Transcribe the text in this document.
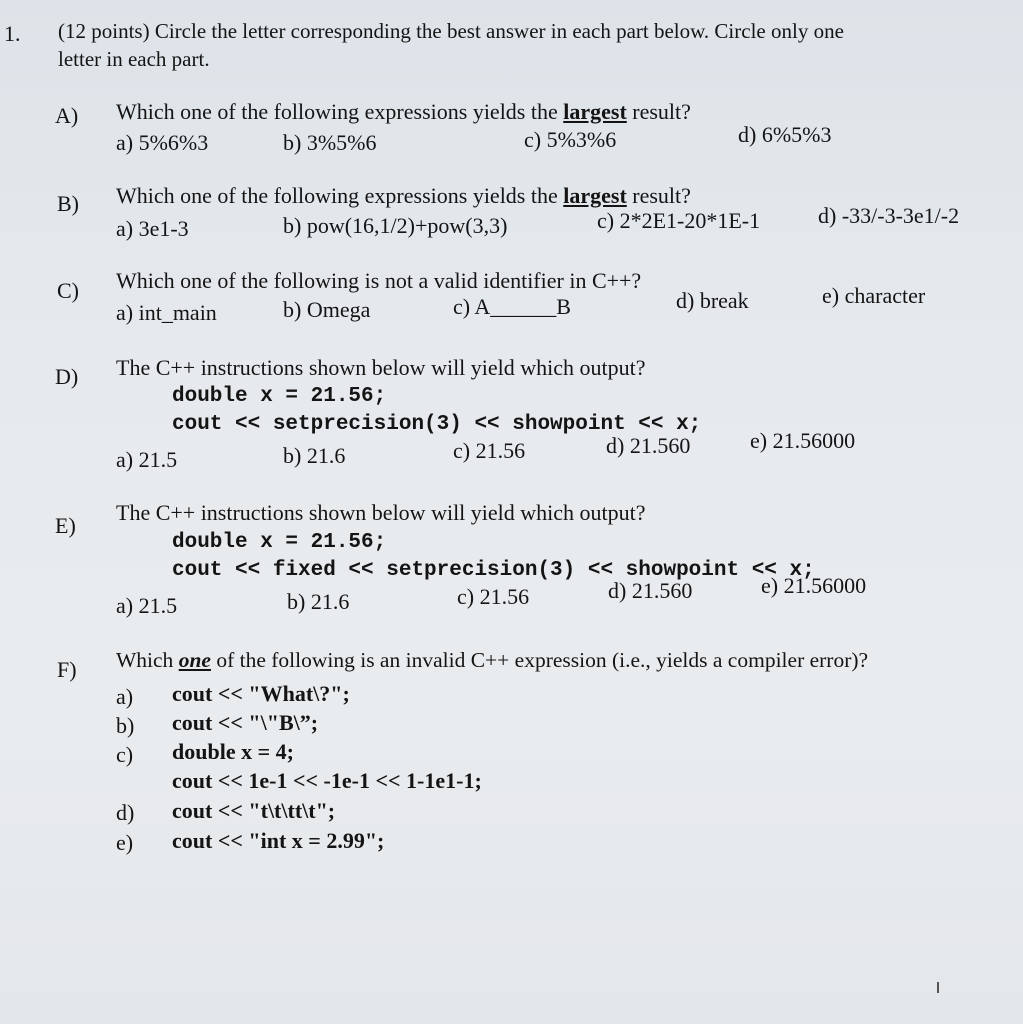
1. (12 points) Circle the letter corresponding the best answer in each part below. Circle only one
letter in each part.
A) Which one of the following expressions yields the largest result?
a) 5%6%3	b) 3%5%6	c) 5%3%6	d) 6%5%3
B) Which one of the following expressions yields the largest result?
a) 3e1-3	b) pow(16,1/2)+pow(3,3)	c) 2*2E1-20*1E-1	d) -33/-3-3e1/-2
C) Which one of the following is not a valid identifier in C++?
a) int_main	b) Omega	c) A______B	d) break	e) character
D) The C++ instructions shown below will yield which output?
double x = 21.56;
cout << setprecision(3) << showpoint << x;
a) 21.5	b) 21.6	c) 21.56	d) 21.560	e) 21.56000
E)
The C++ instructions shown below will yield which output?
double x = 21.56;
cout << fixed << setprecision(3) << showpoint << x;
a) 21.5	b) 21.6	c) 21.56	d) 21.560	e) 21.56000
F) Which one of the following is an invalid C++ expression (i.e., yields a compiler error)?
a) cout << "What\?";
b) cout << "\"B\”;
c) double x = 4;
cout << 1e-1 << -1e-1 << 1-1e1-1;
d) cout << "t\t\tt\t";
e) cout << "int x = 2.99";
